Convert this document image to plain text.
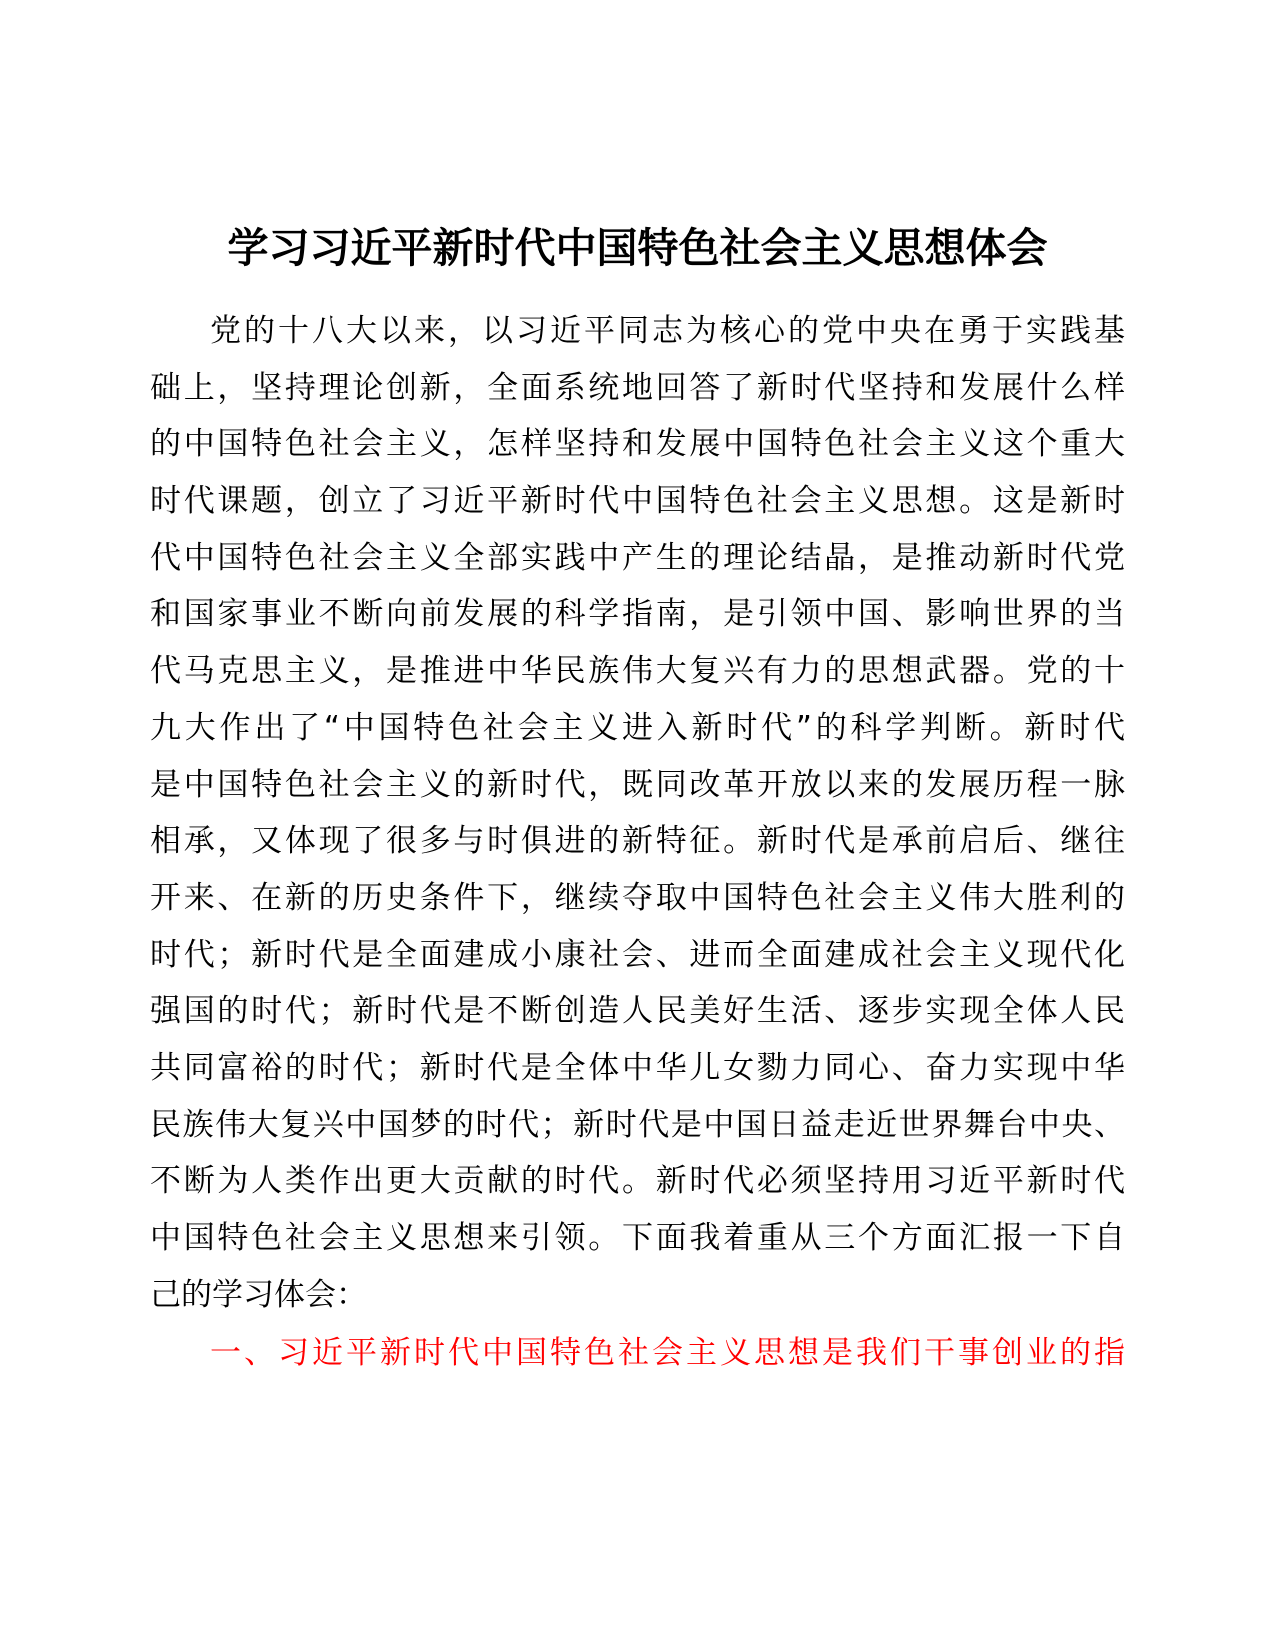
学习习近平新时代中国特色社会主义思想体会
党的十八大以来，以习近平同志为核心的党中央在勇于实践基
础上，坚持理论创新，全面系统地回答了新时代坚持和发展什么样
的中国特色社会主义，怎样坚持和发展中国特色社会主义这个重大
时代课题，创立了习近平新时代中国特色社会主义思想。这是新时
代中国特色社会主义全部实践中产生的理论结晶，是推动新时代党
和国家事业不断向前发展的科学指南，是引领中国、影响世界的当
代马克思主义，是推进中华民族伟大复兴有力的思想武器。党的十
九大作出了“中国特色社会主义进入新时代”的科学判断。新时代
是中国特色社会主义的新时代，既同改革开放以来的发展历程一脉
相承，又体现了很多与时俱进的新特征。新时代是承前启后、继往
开来、在新的历史条件下，继续夺取中国特色社会主义伟大胜利的
时代；新时代是全面建成小康社会、进而全面建成社会主义现代化
强国的时代；新时代是不断创造人民美好生活、逐步实现全体人民
共同富裕的时代；新时代是全体中华儿女勠力同心、奋力实现中华
民族伟大复兴中国梦的时代；新时代是中国日益走近世界舞台中央、
不断为人类作出更大贡献的时代。新时代必须坚持用习近平新时代
中国特色社会主义思想来引领。下面我着重从三个方面汇报一下自
己的学习体会：
一、习近平新时代中国特色社会主义思想是我们干事创业的指
